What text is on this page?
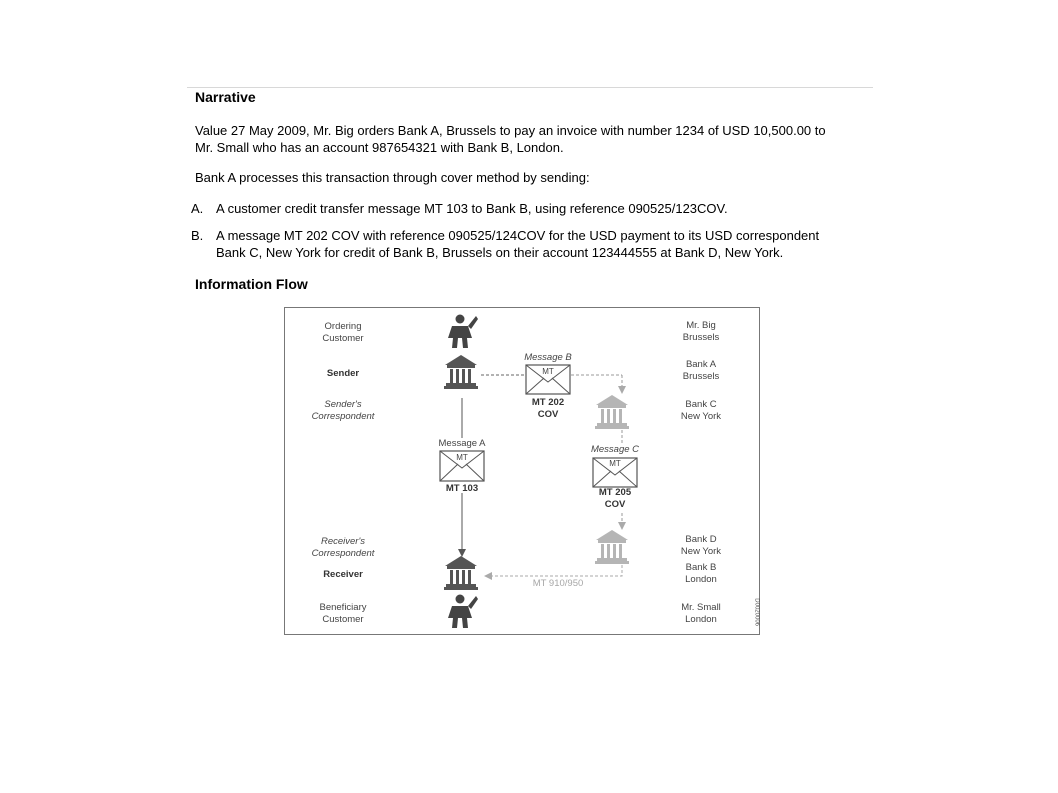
Narrative
Value 27 May 2009, Mr. Big orders Bank A, Brussels to pay an invoice with number 1234 of USD 10,500.00 to
Mr. Small who has an account 987654321 with Bank B, London.
Bank A processes this transaction through cover method by sending:
A. A customer credit transfer message MT 103 to Bank B, using reference 090525/123COV.
B. A message MT 202 COV with reference 090525/124COV for the USD payment to its USD correspondent
Bank C, New York for credit of Bank B, Brussels on their account 123444555 at Bank D, New York.
Information Flow
Ordering
Customer
Sender
Sender's
Correspondent
Receiver's
Correspondent
Receiver
Beneficiary
Customer
Mr. Big
Brussels
Bank A
Brussels
Bank C
New York
Bank D
New York
Bank B
London
Mr. Small
London
Message B
MT
MT 202
COV
Message A
MT
MT 103
Message C
MT
MT 205
COV
MT 910/950
D0020006
